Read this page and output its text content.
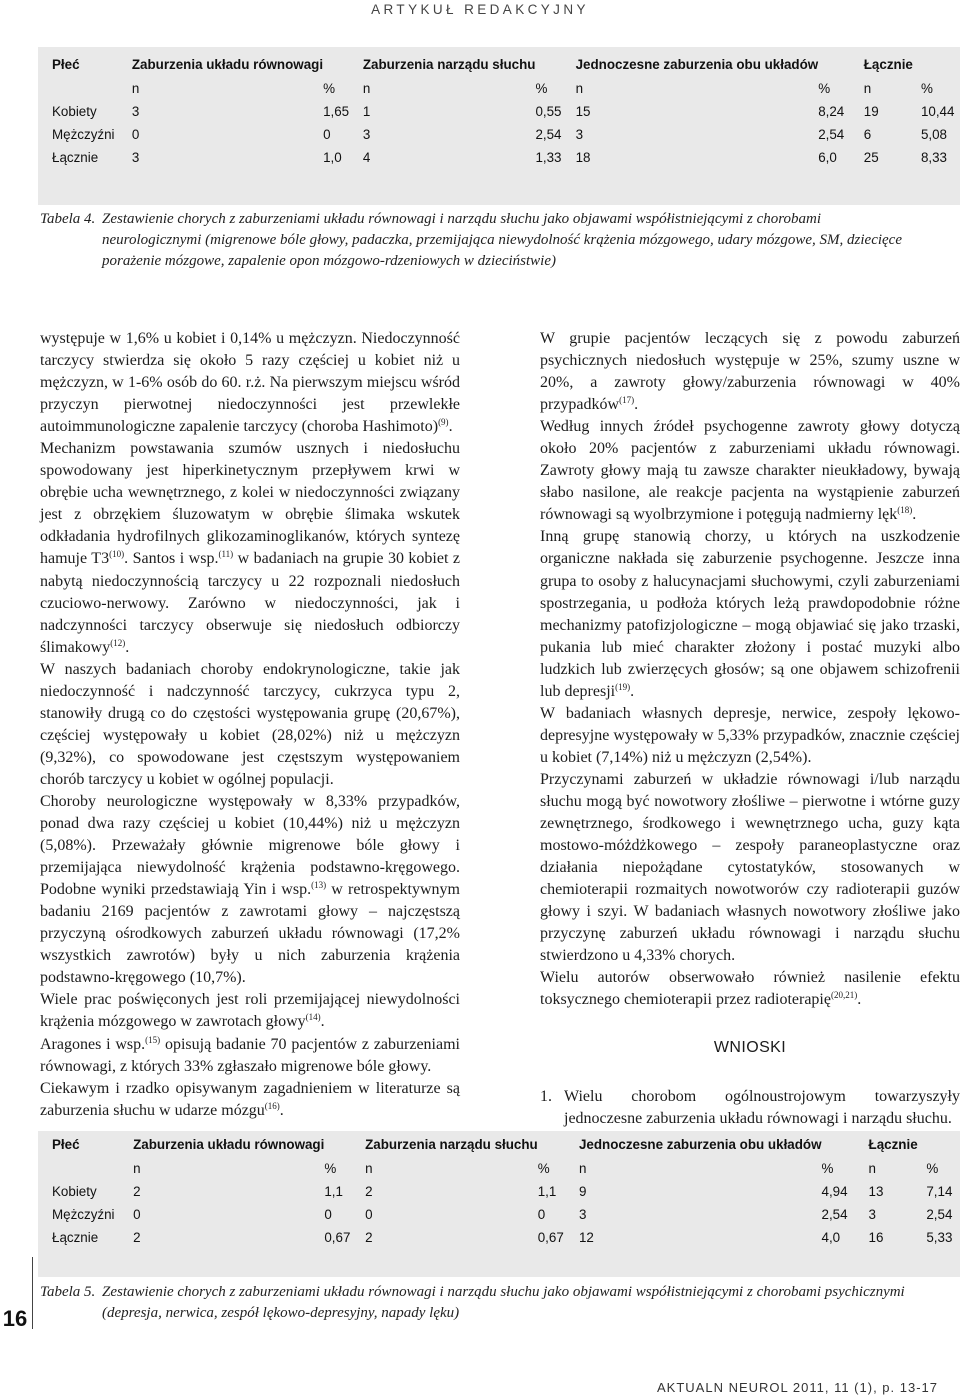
ARTYKUŁ REDAKCYJNY
Płeć	Zaburzenia układu równowagi		Zaburzenia narządu słuchu		Jednoczesne zaburzenia obu układów		Łącznie	
	n	%	n	%	n	%	n	%
Kobiety	3	1,65	1	0,55	15	8,24	19	10,44
Mężczyźni	0	0	3	2,54	3	2,54	6	5,08
Łącznie	3	1,0	4	1,33	18	6,0	25	8,33
Tabela 4. Zestawienie chorych z zaburzeniami układu równowagi i narządu słuchu jako objawami współistniejącymi z chorobami neurologicznymi (migrenowe bóle głowy, padaczka, przemijająca niewydolność krążenia mózgowego, udary mózgowe, SM, dziecięce porażenie mózgowe, zapalenie opon mózgowo-rdzeniowych w dzieciństwie)

występuje w 1,6% u kobiet i 0,14% u mężczyzn. Niedoczynność tarczycy stwierdza się około 5 razy częściej u kobiet niż u mężczyzn, w 1-6% osób do 60. r.ż. Na pierwszym miejscu wśród przyczyn pierwotnej niedoczynności jest przewlekłe autoimmunologiczne zapalenie tarczycy (choroba Hashimoto)$^{(9)}$.

Mechanizm powstawania szumów usznych i niedosłuchu spowodowany jest hiperkinetycznym przepływem krwi w obrębie ucha wewnętrznego, z kolei w niedoczynności związany jest z obrzękiem śluzowatym w obrębie ślimaka wskutek odkładania hydrofilnych glikozaminoglikanów, których syntezę hamuje T3$^{(10)}$. Santos i wsp.$^{(11)}$ w badaniach na grupie 30 kobiet z nabytą niedoczynnością tarczycy u 22 rozpoznali niedosłuch czuciowo-nerwowy. Zarówno w niedoczynności, jak i nadczynności tarczycy obserwuje się niedosłuch odbiorczy ślimakowy$^{(12)}$.

W naszych badaniach choroby endokrynologiczne, takie jak niedoczynność i nadczynność tarczycy, cukrzyca typu 2, stanowiły drugą co do częstości występowania grupę (20,67%), częściej występowały u kobiet (28,02%) niż u mężczyzn (9,32%), co spowodowane jest częstszym występowaniem chorób tarczycy u kobiet w ogólnej populacji.

Choroby neurologiczne występowały w 8,33% przypadków, ponad dwa razy częściej u kobiet (10,44%) niż u mężczyzn (5,08%). Przeważały głównie migrenowe bóle głowy i przemijająca niewydolność krążenia podstawno-kręgowego. Podobne wyniki przedstawiają Yin i wsp.$^{(13)}$ w retrospektywnym badaniu 2169 pacjentów z zawrotami głowy – najczęstszą przyczyną ośrodkowych zaburzeń układu równowagi (17,2% wszystkich zawrotów) były u nich zaburzenia krążenia podstawno-kręgowego (10,7%).

Wiele prac poświęconych jest roli przemijającej niewydolności krążenia mózgowego w zawrotach głowy$^{(14)}$.

Aragones i wsp.$^{(15)}$ opisują badanie 70 pacjentów z zaburzeniami równowagi, z których 33% zgłaszało migrenowe bóle głowy.

Ciekawym i rzadko opisywanym zagadnieniem w literaturze są zaburzenia słuchu w udarze mózgu$^{(16)}$.

W grupie pacjentów leczących się z powodu zaburzeń psychicznych niedosłuch występuje w 25%, szumy uszne w 20%, a zawroty głowy/zaburzenia równowagi w 40% przypadków$^{(17)}$.

Według innych źródeł psychogenne zawroty głowy dotyczą około 20% pacjentów z zaburzeniami układu równowagi. Zawroty głowy mają tu zawsze charakter nieukładowy, bywają słabo nasilone, ale reakcje pacjenta na wystąpienie zaburzeń równowagi są wyolbrzymione i potęgują nadmierny lęk$^{(18)}$.

Inną grupę stanowią chorzy, u których na uszkodzenie organiczne nakłada się zaburzenie psychogenne. Jeszcze inna grupa to osoby z halucynacjami słuchowymi, czyli zaburzeniami spostrzegania, u podłoża których leżą prawdopodobnie różne mechanizmy patofizjologiczne – mogą objawiać się jako trzaski, pukania lub mieć charakter złożony i postać muzyki albo ludzkich lub zwierzęcych głosów; są one objawem schizofrenii lub depresji$^{(19)}$.

W badaniach własnych depresje, nerwice, zespoły lękowo-depresyjne występowały w 5,33% przypadków, znacznie częściej u kobiet (7,14%) niż u mężczyzn (2,54%).

Przyczynami zaburzeń w układzie równowagi i/lub narządu słuchu mogą być nowotwory złośliwe – pierwotne i wtórne guzy zewnętrznego, środkowego i wewnętrznego ucha, guzy kąta mostowo-móżdżkowego – zespoły paraneoplastyczne oraz działania niepożądane cytostatyków, stosowanych w chemioterapii rozmaitych nowotworów czy radioterapii guzów głowy i szyi. W badaniach własnych nowotwory złośliwe jako przyczynę zaburzeń układu równowagi i narządu słuchu stwierdzono u 4,33% chorych.

Wielu autorów obserwowało również nasilenie efektu toksycznego chemioterapii przez radioterapię$^{(20,21)}$.

WNIOSKI

1. Wielu chorobom ogólnoustrojowym towarzyszyły jednoczesne zaburzenia układu równowagi i narządu słuchu.

Płeć	Zaburzenia układu równowagi		Zaburzenia narządu słuchu		Jednoczesne zaburzenia obu układów		Łącznie	
	n	%	n	%	n	%	n	%
Kobiety	2	1,1	2	1,1	9	4,94	13	7,14
Mężczyźni	0	0	0	0	3	2,54	3	2,54
Łącznie	2	0,67	2	0,67	12	4,0	16	5,33
Tabela 5. Zestawienie chorych z zaburzeniami układu równowagi i narządu słuchu jako objawami współistniejącymi z chorobami psychicznymi (depresja, nerwica, zespół lękowo-depresyjny, napady lęku)
16
AKTUALN NEUROL 2011, 11 (1), p. 13-17
